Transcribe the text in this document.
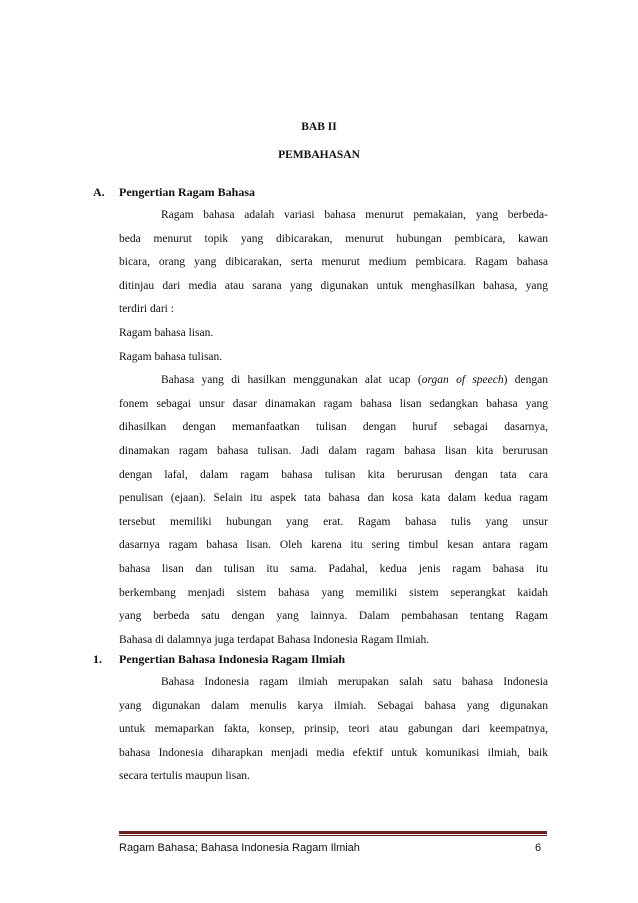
BAB II
PEMBAHASAN
A. Pengertian Ragam Bahasa
Ragam bahasa adalah variasi bahasa menurut pemakaian, yang berbeda-
beda menurut topik yang dibicarakan, menurut hubungan pembicara, kawan
bicara, orang yang dibicarakan, serta menurut medium pembicara. Ragam bahasa
ditinjau dari media atau sarana yang digunakan untuk menghasilkan bahasa, yang
terdiri dari :
Ragam bahasa lisan.
Ragam bahasa tulisan.
Bahasa yang di hasilkan menggunakan alat ucap (organ of speech) dengan
fonem sebagai unsur dasar dinamakan ragam bahasa lisan sedangkan bahasa yang
dihasilkan dengan memanfaatkan tulisan dengan huruf sebagai dasarnya,
dinamakan ragam bahasa tulisan. Jadi dalam ragam bahasa lisan kita berurusan
dengan lafal, dalam ragam bahasa tulisan kita berurusan dengan tata cara
penulisan (ejaan). Selain itu aspek tata bahasa dan kosa kata dalam kedua ragam
tersebut memiliki hubungan yang erat. Ragam bahasa tulis yang unsur
dasarnya ragam bahasa lisan. Oleh karena itu sering timbul kesan antara ragam
bahasa lisan dan tulisan itu sama. Padahal, kedua jenis ragam bahasa itu
berkembang menjadi sistem bahasa yang memiliki sistem seperangkat kaidah
yang berbeda satu dengan yang lainnya. Dalam pembahasan tentang Ragam
Bahasa di dalamnya juga terdapat Bahasa Indonesia Ragam Ilmiah.
1. Pengertian Bahasa Indonesia Ragam Ilmiah
Bahasa Indonesia ragam ilmiah merupakan salah satu bahasa Indonesia
yang digunakan dalam menulis karya ilmiah. Sebagai bahasa yang digunakan
untuk memaparkan fakta, konsep, prinsip, teori atau gabungan dari keempatnya,
bahasa Indonesia diharapkan menjadi media efektif untuk komunikasi ilmiah, baik
secara tertulis maupun lisan.
Ragam Bahasa; Bahasa Indonesia Ragam Ilmiah	6
